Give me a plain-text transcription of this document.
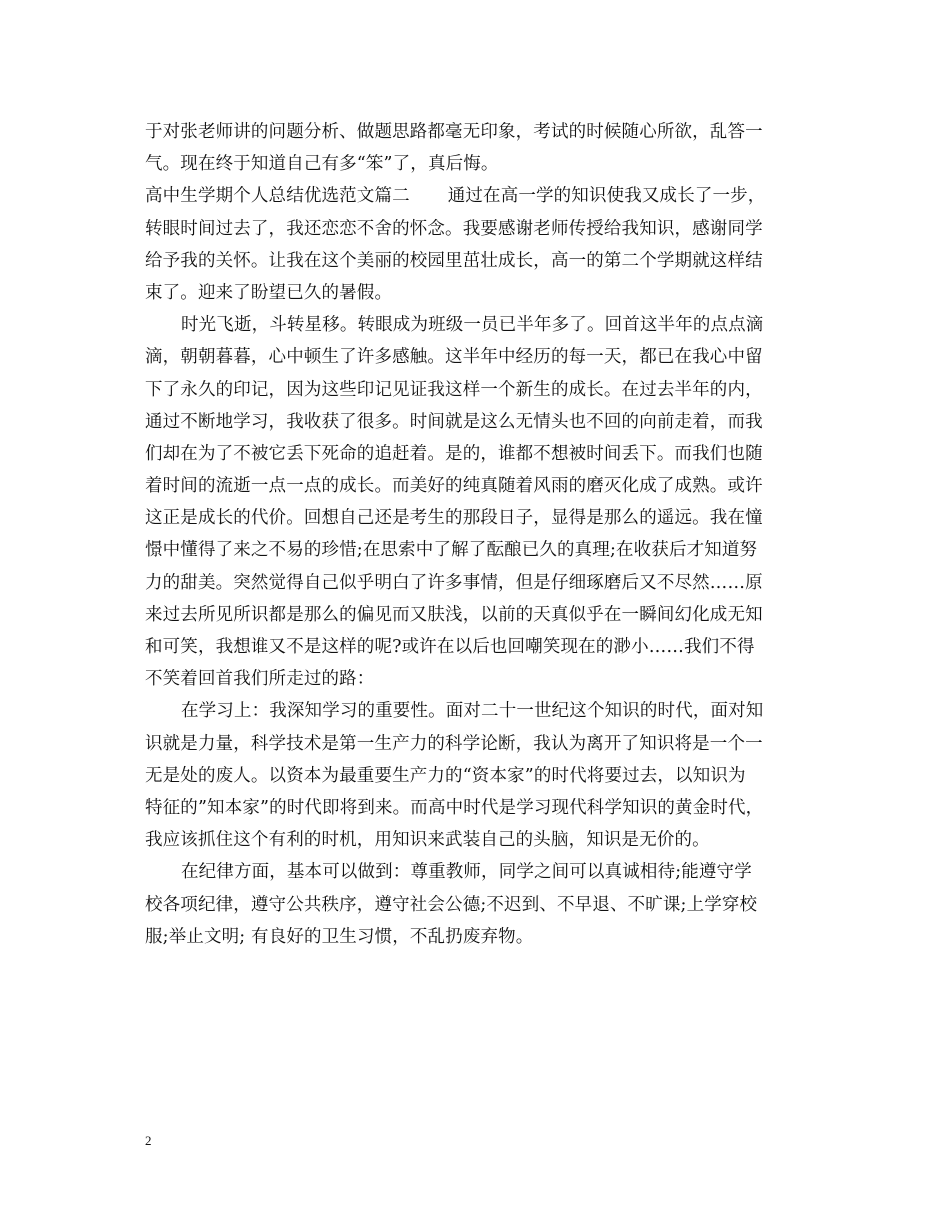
于对张老师讲的问题分析、做题思路都毫无印象，考试的时候随心所欲，乱答一
气。现在终于知道自己有多“笨”了，真后悔。
高中生学期个人总结优选范文篇二 通过在高一学的知识使我又成长了一步，
转眼时间过去了，我还恋恋不舍的怀念。我要感谢老师传授给我知识，感谢同学
给予我的关怀。让我在这个美丽的校园里茁壮成长，高一的第二个学期就这样结
束了。迎来了盼望已久的暑假。
时光飞逝，斗转星移。转眼成为班级一员已半年多了。回首这半年的点点滴
滴，朝朝暮暮，心中顿生了许多感触。这半年中经历的每一天，都已在我心中留
下了永久的印记，因为这些印记见证我这样一个新生的成长。在过去半年的内，
通过不断地学习，我收获了很多。时间就是这么无情头也不回的向前走着，而我
们却在为了不被它丢下死命的追赶着。是的，谁都不想被时间丢下。而我们也随
着时间的流逝一点一点的成长。而美好的纯真随着风雨的磨灭化成了成熟。或许
这正是成长的代价。回想自己还是考生的那段日子，显得是那么的遥远。我在憧
憬中懂得了来之不易的珍惜;在思索中了解了酝酿已久的真理;在收获后才知道努
力的甜美。突然觉得自己似乎明白了许多事情，但是仔细琢磨后又不尽然……原
来过去所见所识都是那么的偏见而又肤浅，以前的天真似乎在一瞬间幻化成无知
和可笑，我想谁又不是这样的呢?或许在以后也回嘲笑现在的渺小……我们不得
不笑着回首我们所走过的路：
在学习上：我深知学习的重要性。面对二十一世纪这个知识的时代，面对知
识就是力量，科学技术是第一生产力的科学论断，我认为离开了知识将是一个一
无是处的废人。以资本为最重要生产力的“资本家”的时代将要过去，以知识为
特征的”知本家”的时代即将到来。而高中时代是学习现代科学知识的黄金时代，
我应该抓住这个有利的时机，用知识来武装自己的头脑，知识是无价的。
在纪律方面，基本可以做到：尊重教师，同学之间可以真诚相待;能遵守学
校各项纪律，遵守公共秩序，遵守社会公德;不迟到、不早退、不旷课;上学穿校
服;举止文明; 有良好的卫生习惯，不乱扔废弃物。
2
